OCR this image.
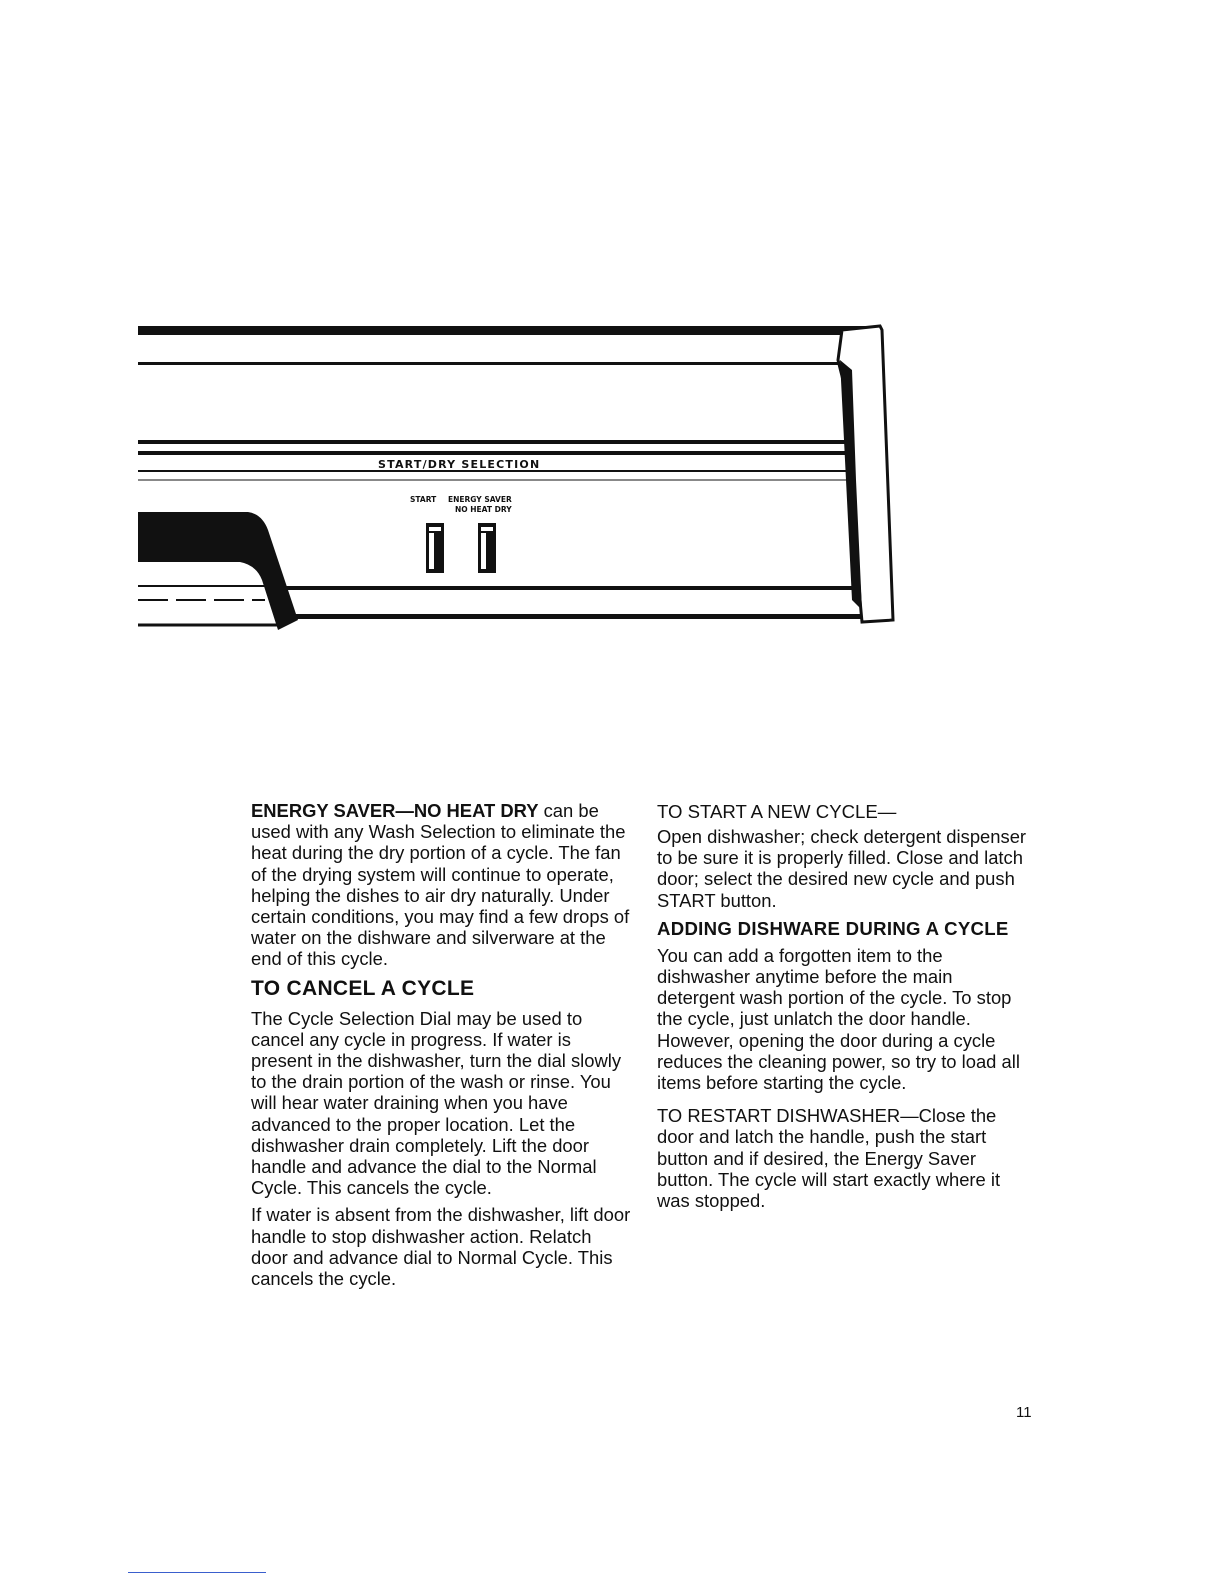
START/DRY SELECTION
START ENERGY SAVER
NO HEAT DRY

ENERGY SAVER—NO HEAT DRY can be used with any Wash Selection to eliminate the heat during the dry portion of a cycle. The fan of the drying system will continue to operate, helping the dishes to air dry naturally. Under certain conditions, you may find a few drops of water on the dishware and silverware at the end of this cycle.

TO CANCEL A CYCLE

The Cycle Selection Dial may be used to cancel any cycle in progress. If water is present in the dishwasher, turn the dial slowly to the drain portion of the wash or rinse. You will hear water draining when you have advanced to the proper location. Let the dishwasher drain completely. Lift the door handle and advance the dial to the Normal Cycle. This cancels the cycle.

If water is absent from the dishwasher, lift door handle to stop dishwasher action. Relatch door and advance dial to Normal Cycle. This cancels the cycle.

TO START A NEW CYCLE—

Open dishwasher; check detergent dispenser to be sure it is properly filled. Close and latch door; select the desired new cycle and push START button.

ADDING DISHWARE DURING A CYCLE

You can add a forgotten item to the dishwasher anytime before the main detergent wash portion of the cycle. To stop the cycle, just unlatch the door handle. However, opening the door during a cycle reduces the cleaning power, so try to load all items before starting the cycle.

TO RESTART DISHWASHER—Close the door and latch the handle, push the start button and if desired, the Energy Saver button. The cycle will start exactly where it was stopped.

11
